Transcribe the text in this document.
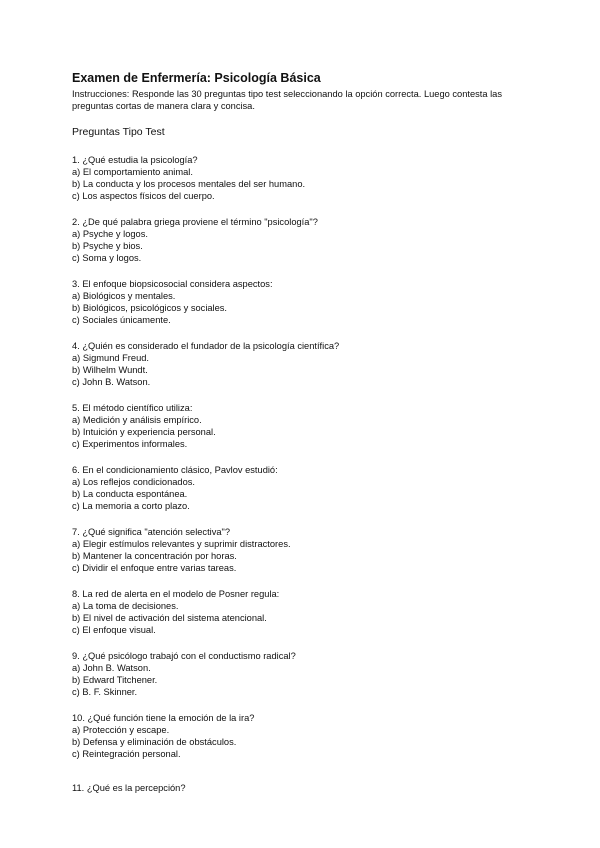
Examen de Enfermería: Psicología Básica
Instrucciones: Responde las 30 preguntas tipo test seleccionando la opción correcta. Luego contesta las preguntas cortas de manera clara y concisa.
Preguntas Tipo Test
1. ¿Qué estudia la psicología?
a) El comportamiento animal.
b) La conducta y los procesos mentales del ser humano.
c) Los aspectos físicos del cuerpo.
2. ¿De qué palabra griega proviene el término "psicología"?
a) Psyche y logos.
b) Psyche y bios.
c) Soma y logos.
3. El enfoque biopsicosocial considera aspectos:
a) Biológicos y mentales.
b) Biológicos, psicológicos y sociales.
c) Sociales únicamente.
4. ¿Quién es considerado el fundador de la psicología científica?
a) Sigmund Freud.
b) Wilhelm Wundt.
c) John B. Watson.
5. El método científico utiliza:
a) Medición y análisis empírico.
b) Intuición y experiencia personal.
c) Experimentos informales.
6. En el condicionamiento clásico, Pavlov estudió:
a) Los reflejos condicionados.
b) La conducta espontánea.
c) La memoria a corto plazo.
7. ¿Qué significa "atención selectiva"?
a) Elegir estímulos relevantes y suprimir distractores.
b) Mantener la concentración por horas.
c) Dividir el enfoque entre varias tareas.
8. La red de alerta en el modelo de Posner regula:
a) La toma de decisiones.
b) El nivel de activación del sistema atencional.
c) El enfoque visual.
9. ¿Qué psicólogo trabajó con el conductismo radical?
a) John B. Watson.
b) Edward Titchener.
c) B. F. Skinner.
10. ¿Qué función tiene la emoción de la ira?
a) Protección y escape.
b) Defensa y eliminación de obstáculos.
c) Reintegración personal.
11. ¿Qué es la percepción?
